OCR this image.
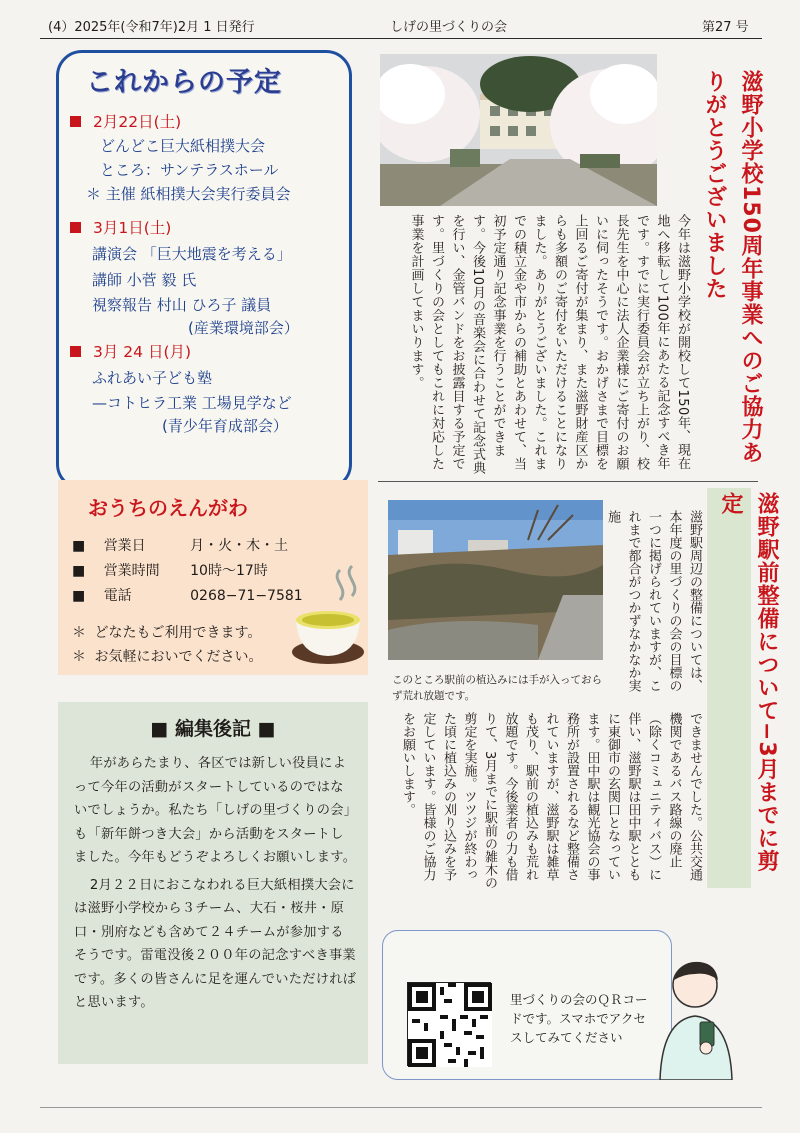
(4）2025年(令和7年)2月 1 日発行	しげの里づくりの会	第27 号
これからの予定
2月22日(土)
どんどこ巨大紙相撲大会
ところ：サンテラスホール
＊ 主催 紙相撲大会実行委員会
3月1日(土)
講演会 「巨大地震を考える」
講師 小菅 毅 氏
視察報告 村山 ひろ子 議員
(産業環境部会）
3月 24 日(月)
ふれあい子ども塾
—コトヒラ工業 工場見学など
(青少年育成部会）	滋野小学校150周年事業へのご協力ありがとうございました
今年は滋野小学校が開校して150年、現在地へ移転して100年にあたる記念すべき年です。すでに実行委員会が立ち上がり、校長先生を中心に法人企業様にご寄付のお願いに伺ったそうです。おかげさまで目標を上回るご寄付が集まり、また滋野財産区からも多額のご寄付をいただけることになりました。ありがとうございました。これまでの積立金や市からの補助とあわせて、当初予定通り記念事業を行うことができます。今後10月の音楽会に合わせて記念式典を行い、金管バンドをお披露目する予定です。里づくりの会としてもこれに対応した事業を計画してまいります。
おうちのえんがわ
■ 営業日	月・火・木・土
■ 営業時間 10時～17時
■ 電話	0268−71−7581
＊ どなたもご利用できます。
＊ お気軽においでください。
■ 編集後記 ■

年があらたまり、各区では新しい役員によって今年の活動がスタートしているのではないでしょうか。私たち「しげの里づくりの会」も「新年餅つき大会」から活動をスタートしました。今年もどうぞよろしくお願いします。

2月２２日におこなわれる巨大紙相撲大会には滋野小学校から３チーム、大石・桜井・原口・別府なども含めて２４チームが参加するそうです。雷電没後２００年の記念すべき事業です。多くの皆さんに足を運んでいただければと思います。

このところ駅前の植込みには手が入っておらず荒れ放題です。	滋野駅前整備について−3月までに剪定
滋野駅周辺の整備については、本年度の里づくりの会の目標の一つに掲げられていますが、これまで都合がつかずなかなか実施
できませんでした。公共交通機関であるバス路線の廃止（除くコミュニティバス）に伴い、滋野駅は田中駅とともに東御市の玄関口となっています。田中駅は観光協会の事務所が設置されるなど整備されていますが、滋野駅は雑草も茂り、駅前の植込みも荒れ放題です。今後業者の力も借りて、3月までに駅前の雑木の剪定を実施。ツツジが終わった頃に植込みの刈り込みを予定しています。皆様のご協力をお願いします。
里づくりの会のＱＲコードです。スマホでアクセスしてみてください
